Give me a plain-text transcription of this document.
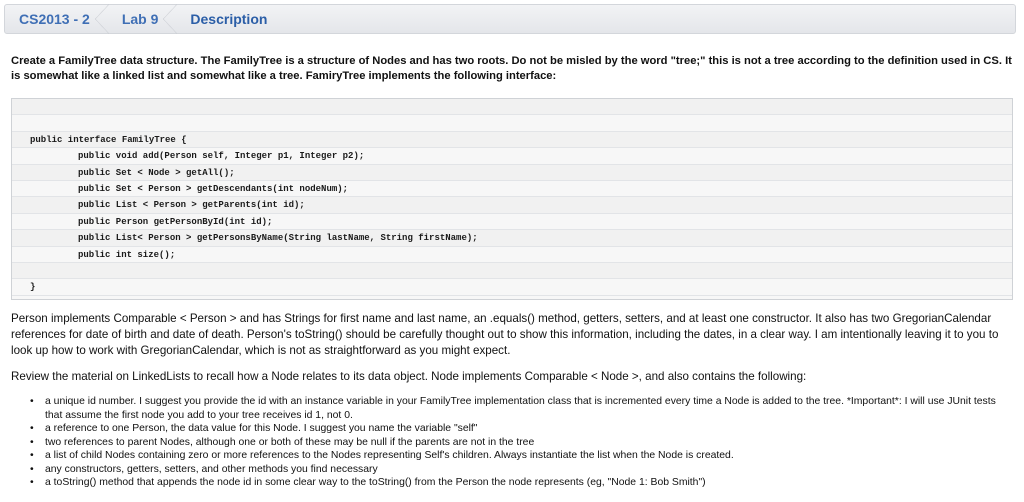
CS2013 - 2	Lab 9	Description

Create a FamilyTree data structure. The FamilyTree is a structure of Nodes and has two roots. Do not be misled by the word "tree;" this is not a tree according to the definition used in CS. It is somewhat like a linked list and somewhat like a tree. FamiryTree implements the following interface:

public interface FamilyTree {
public void add(Person self, Integer p1, Integer p2);
public Set < Node > getAll();
public Set < Person > getDescendants(int nodeNum);
public List < Person > getParents(int id);
public Person getPersonById(int id);
public List< Person > getPersonsByName(String lastName, String firstName);
public int size();
}

Person implements Comparable < Person > and has Strings for first name and last name, an .equals() method, getters, setters, and at least one constructor. It also has two GregorianCalendar references for date of birth and date of death. Person's toString() should be carefully thought out to show this information, including the dates, in a clear way. I am intentionally leaving it to you to look up how to work with GregorianCalendar, which is not as straightforward as you might expect.

Review the material on LinkedLists to recall how a Node relates to its data object. Node implements Comparable < Node >, and also contains the following:

• a unique id number. I suggest you provide the id with an instance variable in your FamilyTree implementation class that is incremented every time a Node is added to the tree. *Important*: I will use JUnit tests that assume the first node you add to your tree receives id 1, not 0.
• a reference to one Person, the data value for this Node. I suggest you name the variable "self"
• two references to parent Nodes, although one or both of these may be null if the parents are not in the tree
• a list of child Nodes containing zero or more references to the Nodes representing Self's children. Always instantiate the list when the Node is created.
• any constructors, getters, setters, and other methods you find necessary
• a toString() method that appends the node id in some clear way to the toString() from the Person the node represents (eg, "Node 1: Bob Smith")
